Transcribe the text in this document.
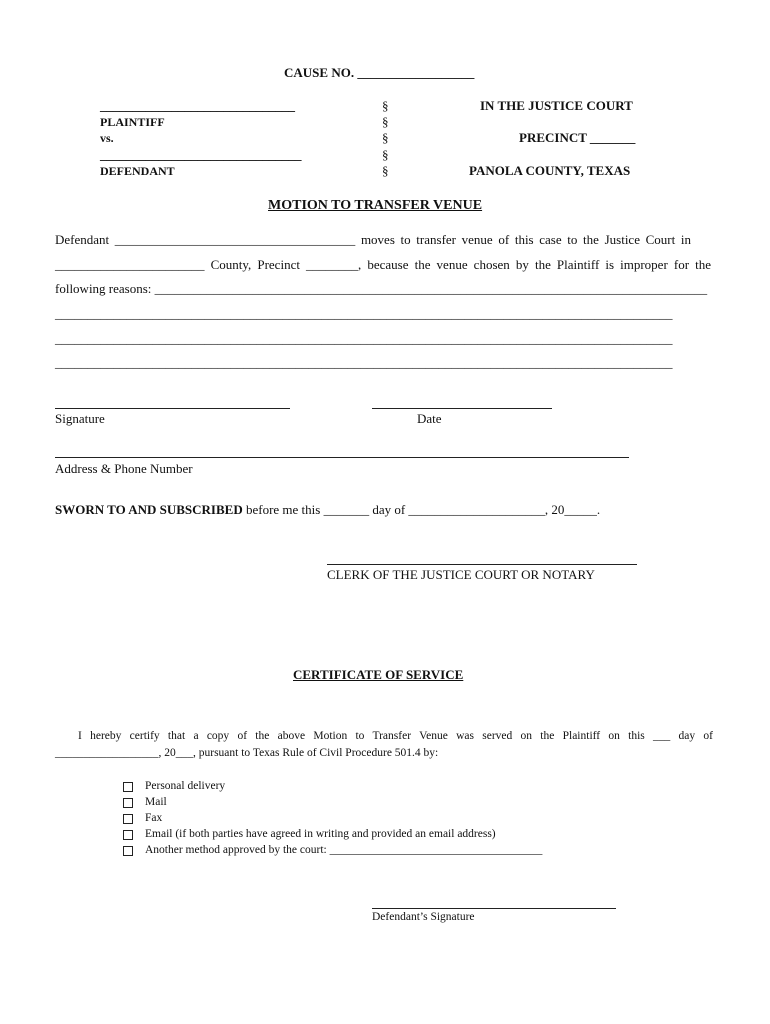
CAUSE NO. __________________
______________________________
PLAINTIFF
vs.
_______________________________
DEFENDANT
§
§
§
§
§
IN THE JUSTICE COURT
PRECINCT _______
PANOLA COUNTY, TEXAS
MOTION TO TRANSFER VENUE
Defendant _____________________________________ moves to transfer venue of this case to the Justice Court in
_______________________ County, Precinct ________, because the venue chosen by the Plaintiff is improper for the
following reasons: _____________________________________________________________________________________
_______________________________________________________________________________________________
_______________________________________________________________________________________________
_______________________________________________________________________________________________
Signature	Date
Address & Phone Number
SWORN TO AND SUBSCRIBED before me this _______ day of _____________________, 20_____.
CLERK OF THE JUSTICE COURT OR NOTARY
CERTIFICATE OF SERVICE
I hereby certify that a copy of the above Motion to Transfer Venue was served on the Plaintiff on this ___ day of
__________________, 20___, pursuant to Texas Rule of Civil Procedure 501.4 by:
Personal delivery
Mail
Fax
Email (if both parties have agreed in writing and provided an email address)
Another method approved by the court: _____________________________________
Defendant’s Signature
